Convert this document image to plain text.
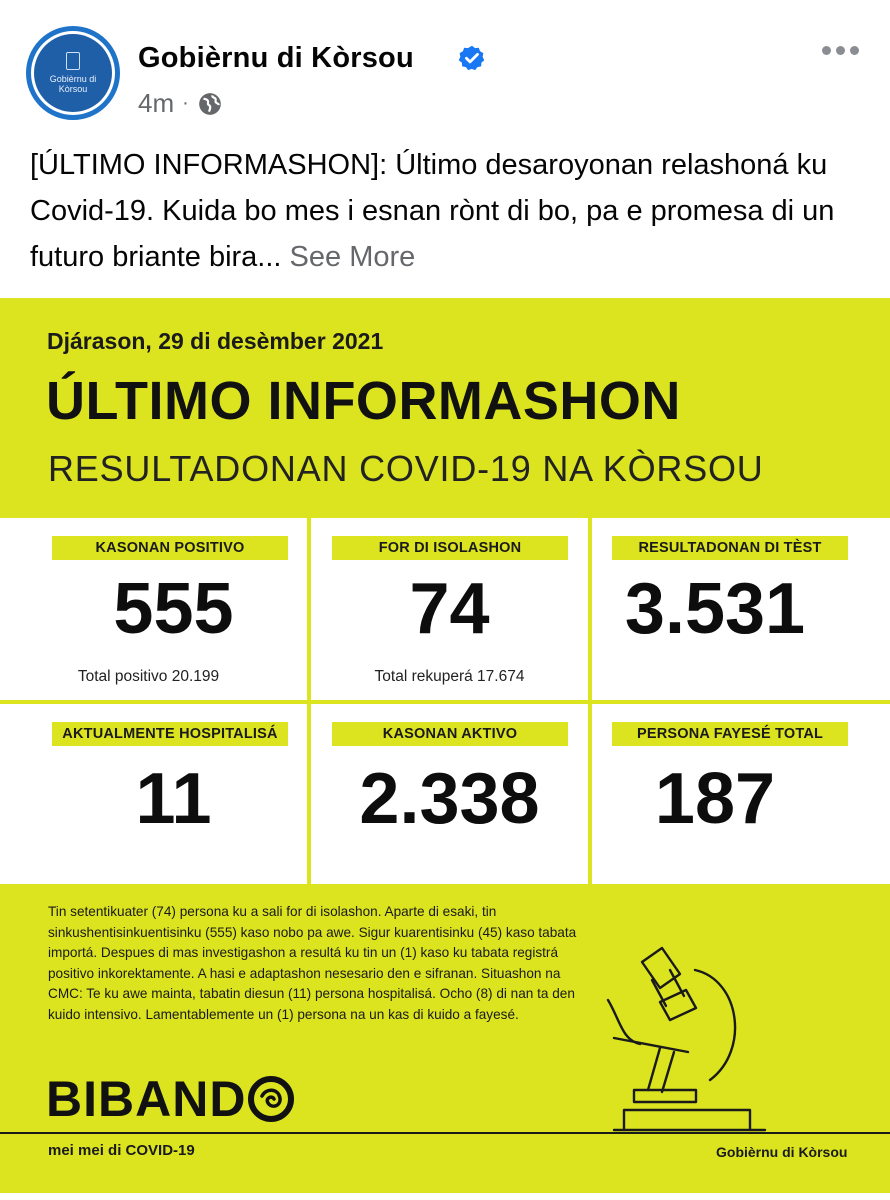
Gobièrnu di
Kòrsou
Gobièrnu di Kòrsou
4m ·
[ÚLTIMO INFORMASHON]: Último desaroyonan relashoná ku Covid-19. Kuida bo mes i esnan rònt di bo, pa e promesa di un futuro briante bira... See More
Djárason, 29 di desèmber 2021
ÚLTIMO INFORMASHON
RESULTADONAN COVID-19 NA KÒRSOU
KASONAN POSITIVO
555
Total positivo 20.199
FOR DI ISOLASHON
74
Total rekuperá 17.674
RESULTADONAN DI TÈST
3.531
AKTUALMENTE HOSPITALISÁ
11
KASONAN AKTIVO
2.338
PERSONA FAYESÉ TOTAL
187
Tin setentikuater (74) persona ku a sali for di isolashon. Aparte di esaki, tin sinkushentisinkuentisinku (555) kaso nobo pa awe. Sigur kuarentisinku (45) kaso tabata importá. Despues di mas investigashon a resultá ku tin un (1) kaso ku tabata registrá positivo inkorektamente. A hasi e adaptashon nesesario den e sifranan. Situashon na CMC: Te ku awe mainta, tabatin diesun (11) persona hospitalisá. Ocho (8) di nan ta den kuido intensivo. Lamentablemente un (1) persona na un kas di kuido a fayesé.
BIBAND
mei mei di COVID-19	Gobièrnu di Kòrsou
